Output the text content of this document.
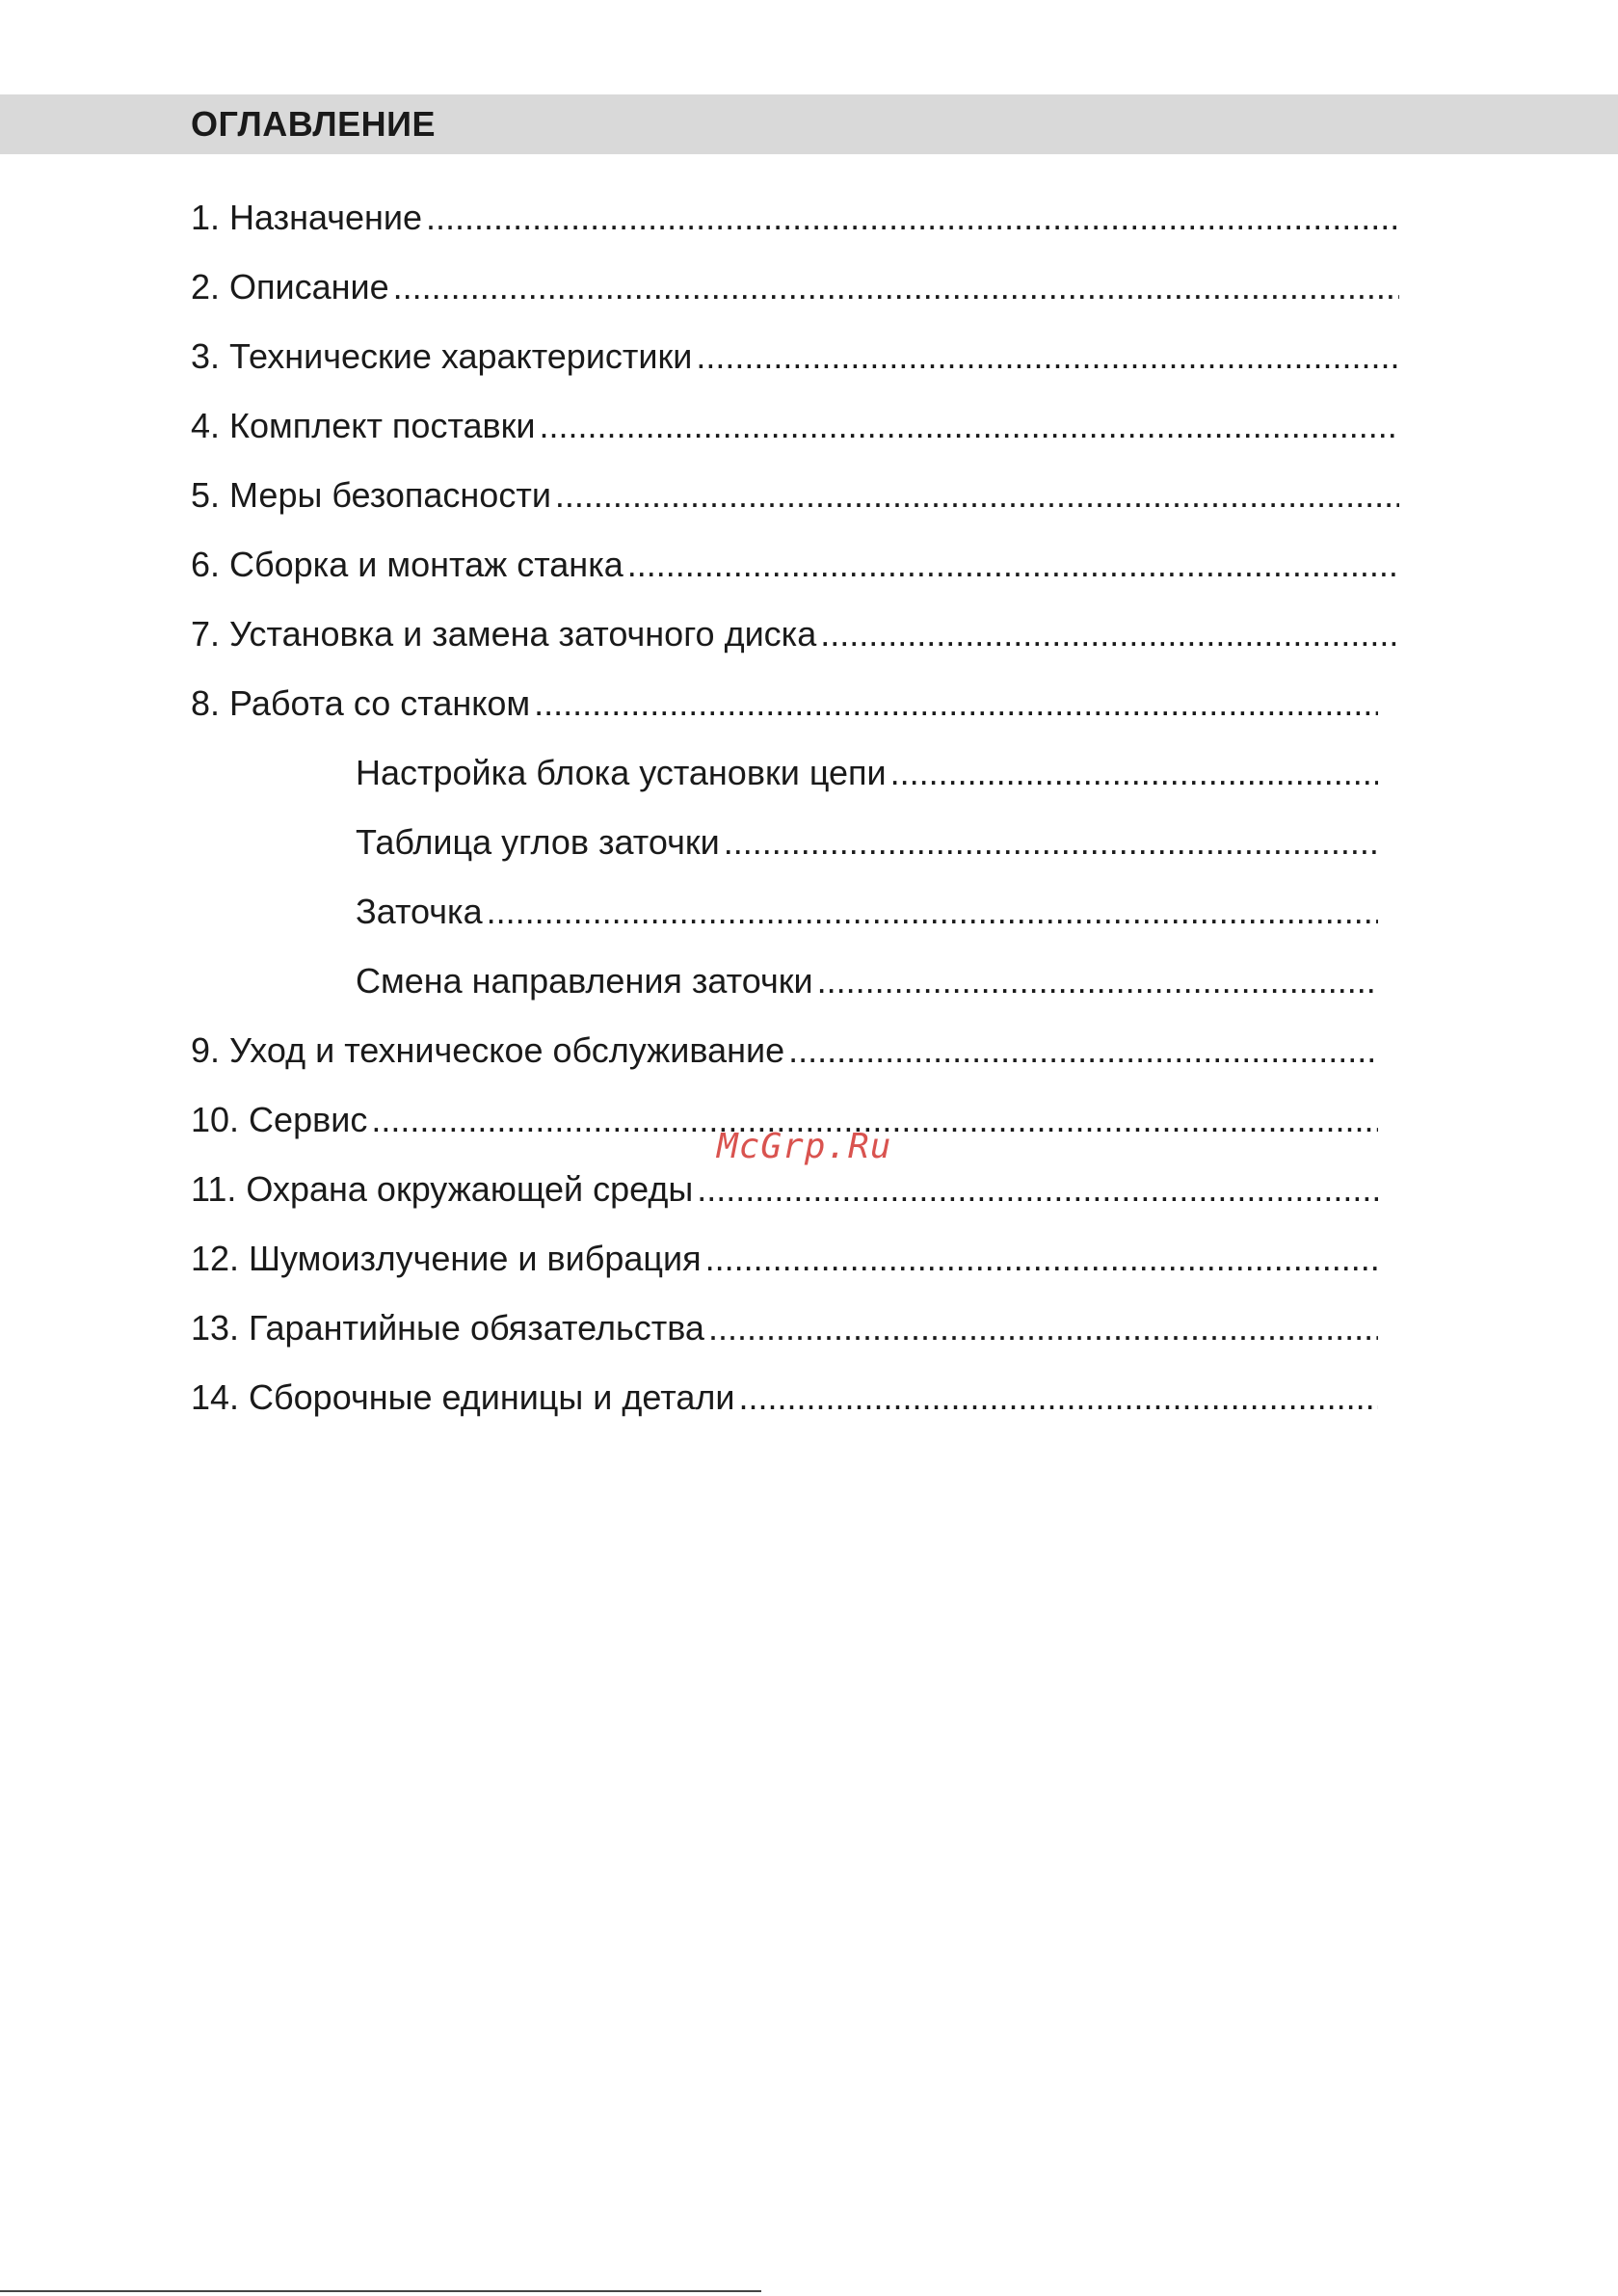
ОГЛАВЛЕНИЕ
1. Назначение
.....
2. Описание
.....
3. Технические характеристики
.....
4. Комплект поставки
.....
5. Меры безопасности
.....
6. Сборка и монтаж станка
.....
7. Установка и замена заточного диска
.....
8. Работа со станком
.....
Настройка блока установки цепи
.....
Таблица углов заточки
.....
Заточка
.....
Смена направления заточки
.....
9. Уход и техническое обслуживание
.....
10. Сервис
.....
11. Охрана окружающей среды
.....
12. Шумоизлучение и вибрация
.....
13. Гарантийные обязательства
.....
14. Сборочные единицы и детали
.....
McGrp.Ru
